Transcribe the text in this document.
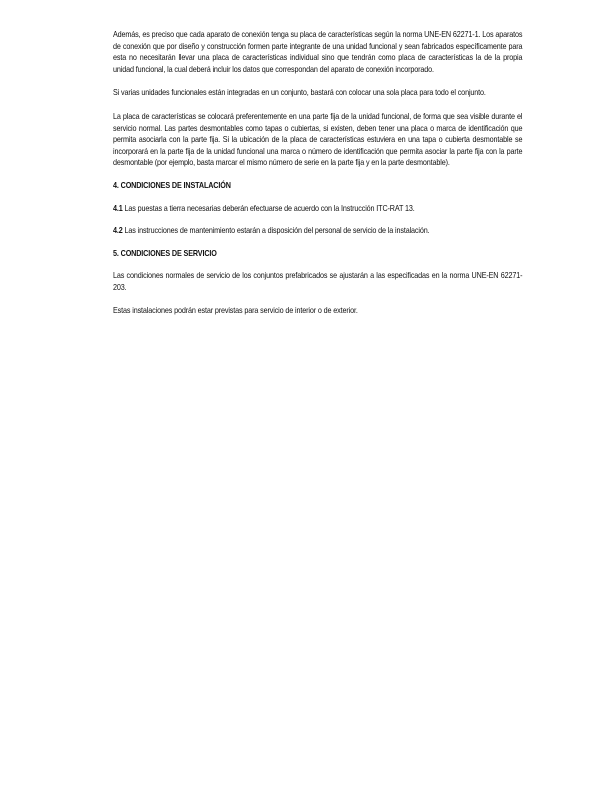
Además, es preciso que cada aparato de conexión tenga su placa de características según la norma UNE-EN 62271-1. Los aparatos de conexión que por diseño y construcción formen parte integrante de una unidad funcional y sean fabricados específicamente para esta no necesitarán llevar una placa de características individual sino que tendrán como placa de características la de la propia unidad funcional, la cual deberá incluir los datos que correspondan del aparato de conexión incorporado.

Si varias unidades funcionales están integradas en un conjunto, bastará con colocar una sola placa para todo el conjunto.

La placa de características se colocará preferentemente en una parte fija de la unidad funcional, de forma que sea visible durante el servicio normal. Las partes desmontables como tapas o cubiertas, si existen, deben tener una placa o marca de identificación que permita asociarla con la parte fija. Si la ubicación de la placa de características estuviera en una tapa o cubierta desmontable se incorporará en la parte fija de la unidad funcional una marca o número de identificación que permita asociar la parte fija con la parte desmontable (por ejemplo, basta marcar el mismo número de serie en la parte fija y en la parte desmontable).

4. CONDICIONES DE INSTALACIÓN

4.1 Las puestas a tierra necesarias deberán efectuarse de acuerdo con la Instrucción ITC-RAT 13.

4.2 Las instrucciones de mantenimiento estarán a disposición del personal de servicio de la instalación.

5. CONDICIONES DE SERVICIO

Las condiciones normales de servicio de los conjuntos prefabricados se ajustarán a las especificadas en la norma UNE-EN 62271-203.

Estas instalaciones podrán estar previstas para servicio de interior o de exterior.
